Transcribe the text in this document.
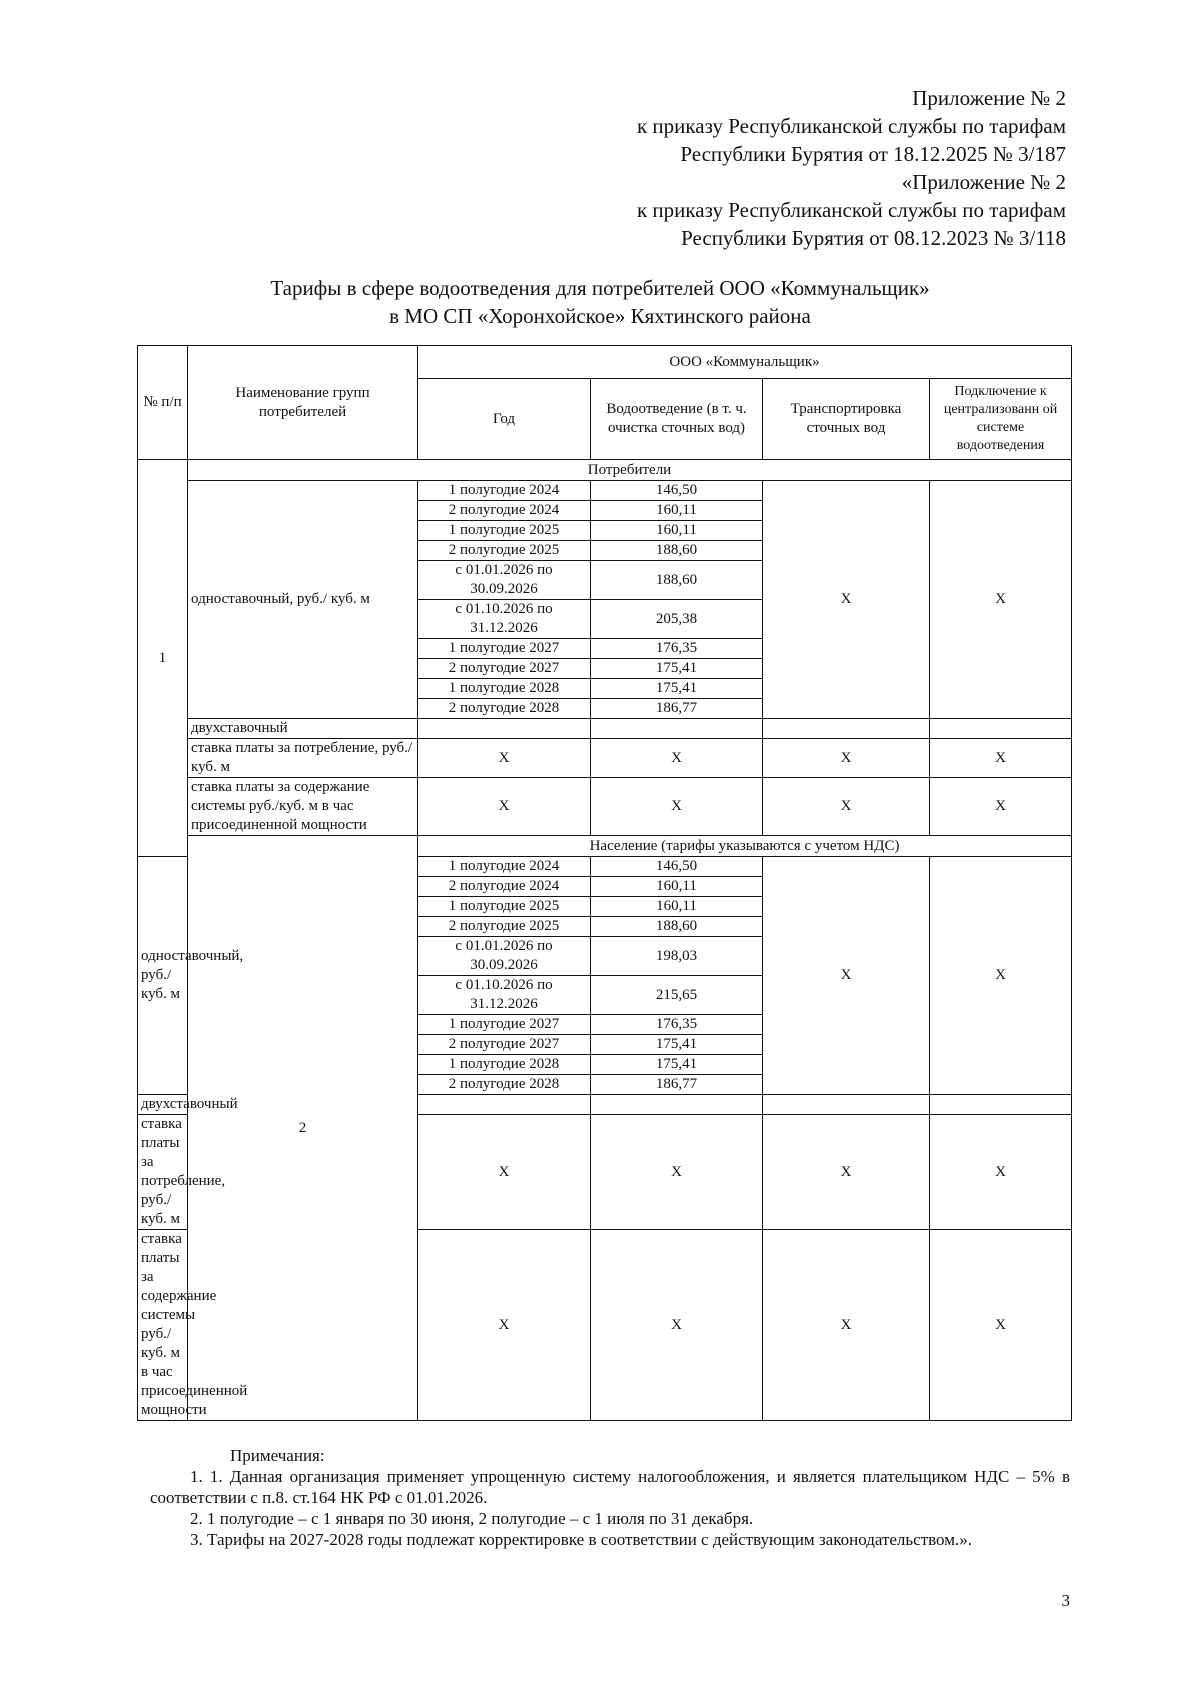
Приложение № 2
к приказу Республиканской службы по тарифам
Республики Бурятия от 18.12.2025 № 3/187
«Приложение № 2
к приказу Республиканской службы по тарифам
Республики Бурятия от 08.12.2023 № 3/118
Тарифы в сфере водоотведения для потребителей ООО «Коммунальщик»
в МО СП «Хоронхойское» Кяхтинского района
№ п/п	Наименование групп потребителей	ООО «Коммунальщик»			
		Год	Водоотведение (в т. ч. очистка сточных вод)	Транспортировка сточных вод	Подключение к централизованн ой системе водоотведения
1	Потребители				
	одноставочный, руб./ куб. м	1 полугодие 2024	146,50	X	X
		2 полугодие 2024	160,11		
		1 полугодие 2025	160,11		
		2 полугодие 2025	188,60		
		с 01.01.2026 по 30.09.2026	188,60		
		с 01.10.2026 по 31.12.2026	205,38		
		1 полугодие 2027	176,35		
		2 полугодие 2027	175,41		
		1 полугодие 2028	175,41		
		2 полугодие 2028	186,77		
	двухставочный				
	ставка платы за потребление, руб./ куб. м	X	X	X	X
	ставка платы за содержание системы руб./куб. м в час присоединенной мощности	X	X	X	X
	2	Население (тарифы указываются с учетом НДС)			
одноставочный, руб./ куб. м		1 полугодие 2024	146,50	X	X
		2 полугодие 2024	160,11		
		1 полугодие 2025	160,11		
		2 полугодие 2025	188,60		
		с 01.01.2026 по 30.09.2026	198,03		
		с 01.10.2026 по 31.12.2026	215,65		
		1 полугодие 2027	176,35		
		2 полугодие 2027	175,41		
		1 полугодие 2028	175,41		
		2 полугодие 2028	186,77		
двухставочный					
ставка платы за потребление, руб./ куб. м		X	X	X	X
ставка платы за содержание системы руб./куб. м в час присоединенной мощности		X	X	X	X

Примечания:

1. 1. Данная организация применяет упрощенную систему налогообложения, и является плательщиком НДС – 5% в соответствии с п.8. ст.164 НК РФ с 01.01.2026.

2. 1 полугодие – с 1 января по 30 июня, 2 полугодие – с 1 июля по 31 декабря.

3. Тарифы на 2027-2028 годы подлежат корректировке в соответствии с действующим законодательством.».

3
